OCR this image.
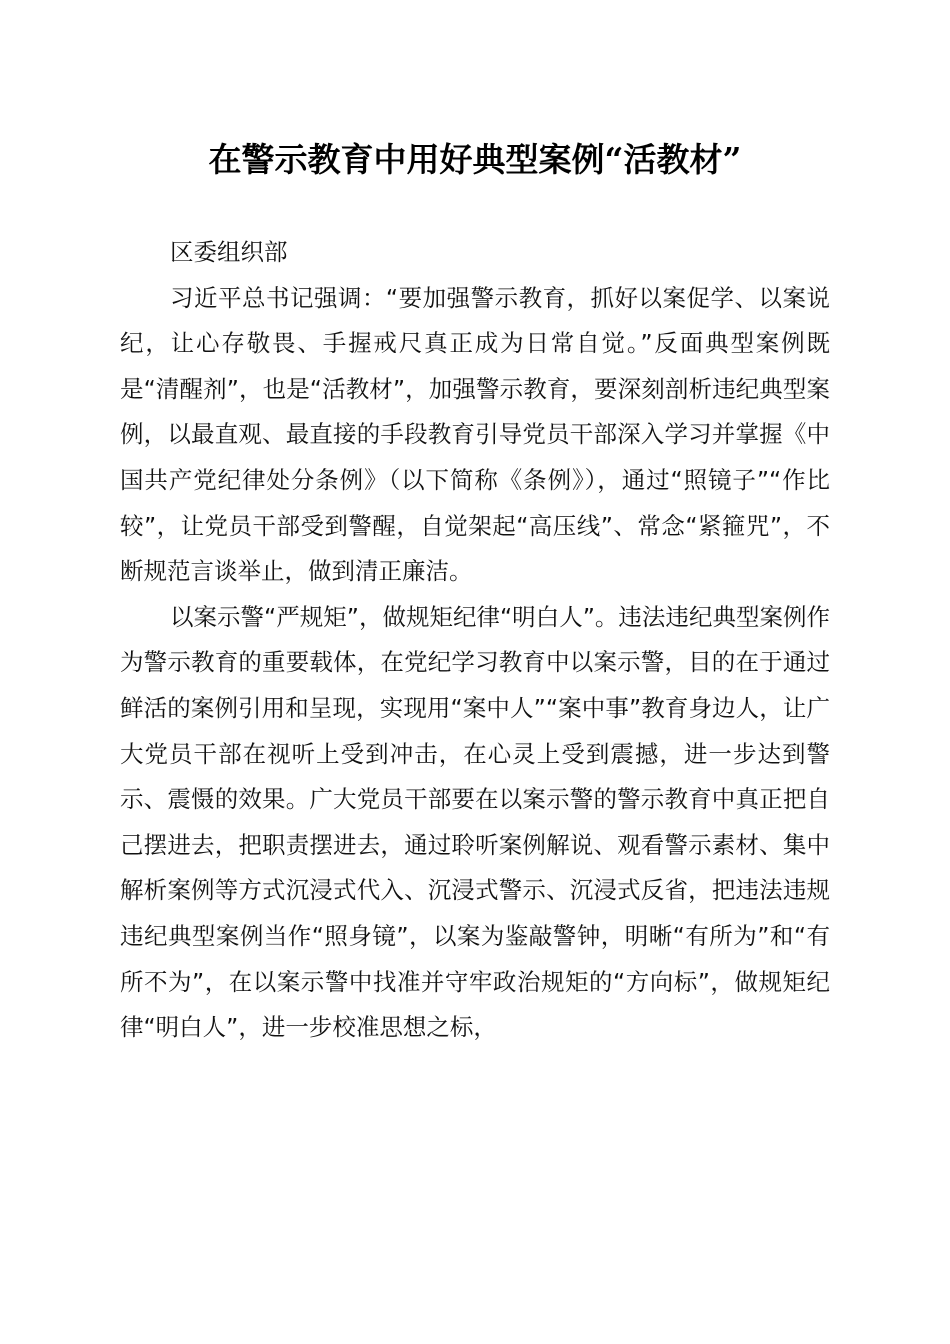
在警示教育中用好典型案例“活教材”

区委组织部

习近平总书记强调：“要加强警示教育，抓好以案促学、以案说纪，让心存敬畏、手握戒尺真正成为日常自觉。”反面典型案例既是“清醒剂”，也是“活教材”，加强警示教育，要深刻剖析违纪典型案例，以最直观、最直接的手段教育引导党员干部深入学习并掌握《中国共产党纪律处分条例》（以下简称《条例》），通过“照镜子”“作比较”，让党员干部受到警醒，自觉架起“高压线”、常念“紧箍咒”，不断规范言谈举止，做到清正廉洁。

以案示警“严规矩”，做规矩纪律“明白人”。违法违纪典型案例作为警示教育的重要载体，在党纪学习教育中以案示警，目的在于通过鲜活的案例引用和呈现，实现用“案中人”“案中事”教育身边人，让广大党员干部在视听上受到冲击，在心灵上受到震撼，进一步达到警示、震慑的效果。广大党员干部要在以案示警的警示教育中真正把自己摆进去，把职责摆进去，通过聆听案例解说、观看警示素材、集中解析案例等方式沉浸式代入、沉浸式警示、沉浸式反省，把违法违规违纪典型案例当作“照身镜”，以案为鉴敲警钟，明晰“有所为”和“有所不为”，在以案示警中找准并守牢政治规矩的“方向标”，做规矩纪律“明白人”，进一步校准思想之标，
